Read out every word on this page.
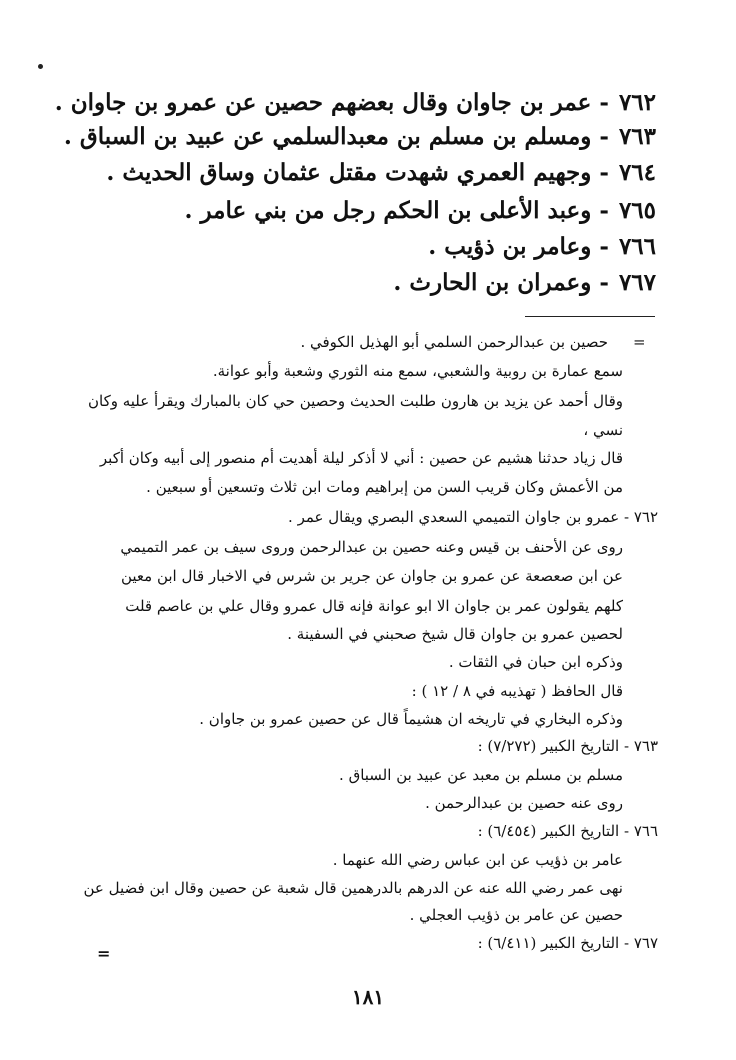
٧٦٢- عمر بن جاوان وقال بعضهم حصين عن عمرو بن جاوان .
٧٦٣- ومسلم بن مسلم بن معبدالسلمي عن عبيد بن السباق .
٧٦٤- وجهيم العمري شهدت مقتل عثمان وساق الحديث .
٧٦٥- وعبد الأعلى بن الحكم رجل من بني عامر .
٧٦٦- وعامر بن ذؤيب .
٧٦٧- وعمران بن الحارث .
=
حصين بن عبدالرحمن السلمي أبو الهذيل الكوفي .
سمع عمارة بن روبية والشعبي، سمع منه الثوري وشعبة وأبو عوانة.
وقال أحمد عن يزيد بن هارون طلبت الحديث وحصين حي كان بالمبارك ويقرأ عليه وكان
نسي ،
قال زياد حدثنا هشيم عن حصين : أني لا أذكر ليلة أهديت أم منصور إلى أبيه وكان أكبر
من الأعمش وكان قريب السن من إبراهيم ومات ابن ثلاث وتسعين أو سبعين .
٧٦٢ - عمرو بن جاوان التميمي السعدي البصري ويقال عمر .
روى عن الأحنف بن قيس وعنه حصين بن عبدالرحمن وروى سيف بن عمر التميمي
عن ابن صعصعة عن عمرو بن جاوان عن جرير بن شرس في الاخبار قال ابن معين
كلهم يقولون عمر بن جاوان الا ابو عوانة فإنه قال عمرو وقال علي بن عاصم قلت
لحصين عمرو بن جاوان قال شيخ صحبني في السفينة .
وذكره ابن حبان في الثقات .
قال الحافظ ( تهذيبه في ٨ / ١٢ ) :
وذكره البخاري في تاريخه ان هشيماً قال عن حصين عمرو بن جاوان .
٧٦٣ - التاريخ الكبير (٧/٢٧٢) :
مسلم بن مسلم بن معبد عن عبيد بن السباق .
روى عنه حصين بن عبدالرحمن .
٧٦٦ - التاريخ الكبير (٦/٤٥٤) :
عامر بن ذؤيب عن ابن عباس رضي الله عنهما .
نهى عمر رضي الله عنه عن الدرهم بالدرهمين قال شعبة عن حصين وقال ابن فضيل عن
حصين عن عامر بن ذؤيب العجلي .
٧٦٧ - التاريخ الكبير (٦/٤١١) :
=
١٨١
